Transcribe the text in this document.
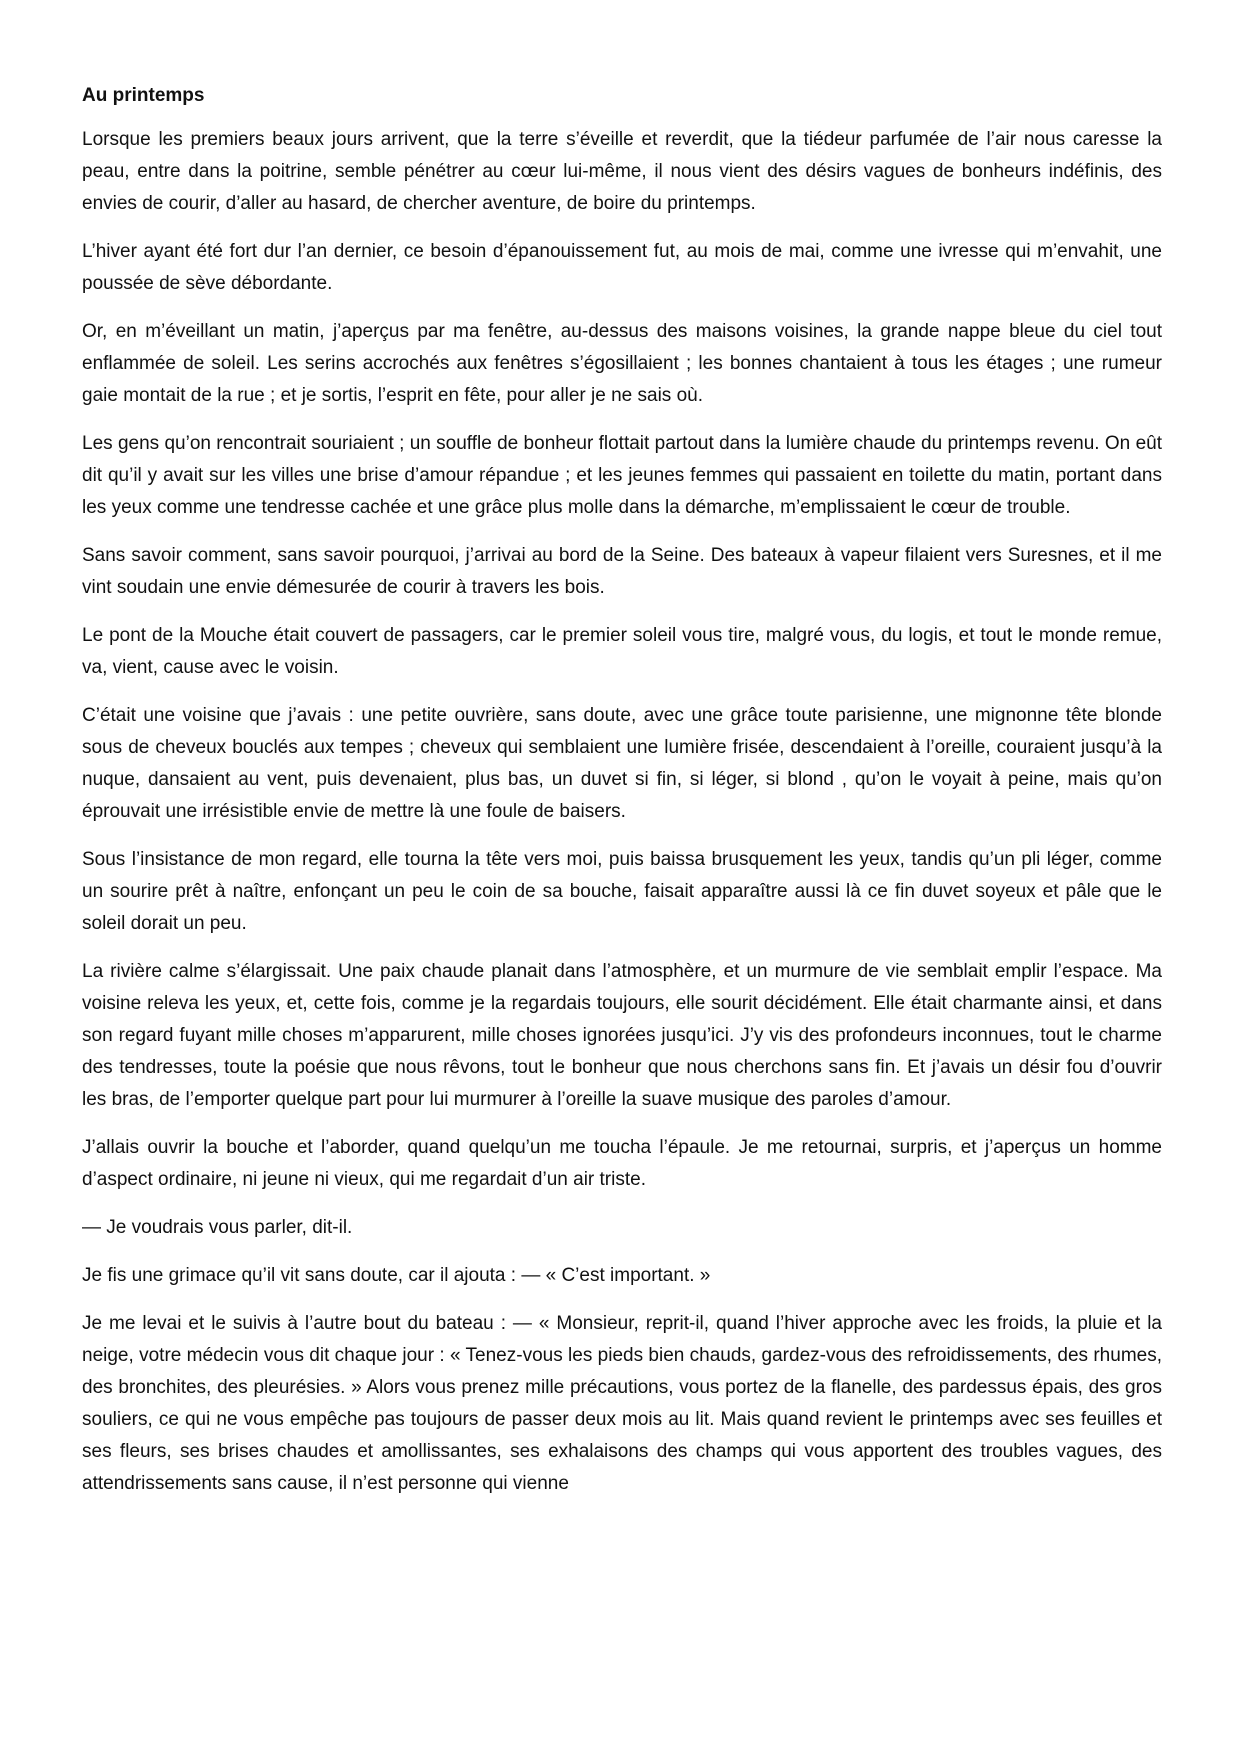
Au printemps

Lorsque les premiers beaux jours arrivent, que la terre s’éveille et reverdit, que la tiédeur parfumée de l’air nous caresse la peau, entre dans la poitrine, semble pénétrer au cœur lui-même, il nous vient des désirs vagues de bonheurs indéfinis, des envies de courir, d’aller au hasard, de chercher aventure, de boire du printemps.

L’hiver ayant été fort dur l’an dernier, ce besoin d’épanouissement fut, au mois de mai, comme une ivresse qui m’envahit, une poussée de sève débordante.

Or, en m’éveillant un matin, j’aperçus par ma fenêtre, au-dessus des maisons voisines, la grande nappe bleue du ciel tout enflammée de soleil. Les serins accrochés aux fenêtres s’égosillaient ; les bonnes chantaient à tous les étages ; une rumeur gaie montait de la rue ; et je sortis, l’esprit en fête, pour aller je ne sais où.

Les gens qu’on rencontrait souriaient ; un souffle de bonheur flottait partout dans la lumière chaude du printemps revenu. On eût dit qu’il y avait sur les villes une brise d’amour répandue ; et les jeunes femmes qui passaient en toilette du matin, portant dans les yeux comme une tendresse cachée et une grâce plus molle dans la démarche, m’emplissaient le cœur de trouble.

Sans savoir comment, sans savoir pourquoi, j’arrivai au bord de la Seine. Des bateaux à vapeur filaient vers Suresnes, et il me vint soudain une envie démesurée de courir à travers les bois.

Le pont de la Mouche était couvert de passagers, car le premier soleil vous tire, malgré vous, du logis, et tout le monde remue, va, vient, cause avec le voisin.

C’était une voisine que j’avais : une petite ouvrière, sans doute, avec une grâce toute parisienne, une mignonne tête blonde sous de cheveux bouclés aux tempes ; cheveux qui semblaient une lumière frisée, descendaient à l’oreille, couraient jusqu’à la nuque, dansaient au vent, puis devenaient, plus bas, un duvet si fin, si léger, si blond , qu’on le voyait à peine, mais qu’on éprouvait une irrésistible envie de mettre là une foule de baisers.

Sous l’insistance de mon regard, elle tourna la tête vers moi, puis baissa brusquement les yeux, tandis qu’un pli léger, comme un sourire prêt à naître, enfonçant un peu le coin de sa bouche, faisait apparaître aussi là ce fin duvet soyeux et pâle que le soleil dorait un peu.

La rivière calme s’élargissait. Une paix chaude planait dans l’atmosphère, et un murmure de vie semblait emplir l’espace. Ma voisine releva les yeux, et, cette fois, comme je la regardais toujours, elle sourit décidément. Elle était charmante ainsi, et dans son regard fuyant mille choses m’apparurent, mille choses ignorées jusqu’ici. J’y vis des profondeurs inconnues, tout le charme des tendresses, toute la poésie que nous rêvons, tout le bonheur que nous cherchons sans fin. Et j’avais un désir fou d’ouvrir les bras, de l’emporter quelque part pour lui murmurer à l’oreille la suave musique des paroles d’amour.

J’allais ouvrir la bouche et l’aborder, quand quelqu’un me toucha l’épaule. Je me retournai, surpris, et j’aperçus un homme d’aspect ordinaire, ni jeune ni vieux, qui me regardait d’un air triste.

— Je voudrais vous parler, dit-il.

Je fis une grimace qu’il vit sans doute, car il ajouta : — « C’est important. »

Je me levai et le suivis à l’autre bout du bateau : — « Monsieur, reprit-il, quand l’hiver approche avec les froids, la pluie et la neige, votre médecin vous dit chaque jour : « Tenez-vous les pieds bien chauds, gardez-vous des refroidissements, des rhumes, des bronchites, des pleurésies. » Alors vous prenez mille précautions, vous portez de la flanelle, des pardessus épais, des gros souliers, ce qui ne vous empêche pas toujours de passer deux mois au lit. Mais quand revient le printemps avec ses feuilles et ses fleurs, ses brises chaudes et amollissantes, ses exhalaisons des champs qui vous apportent des troubles vagues, des attendrissements sans cause, il n’est personne qui vienne
